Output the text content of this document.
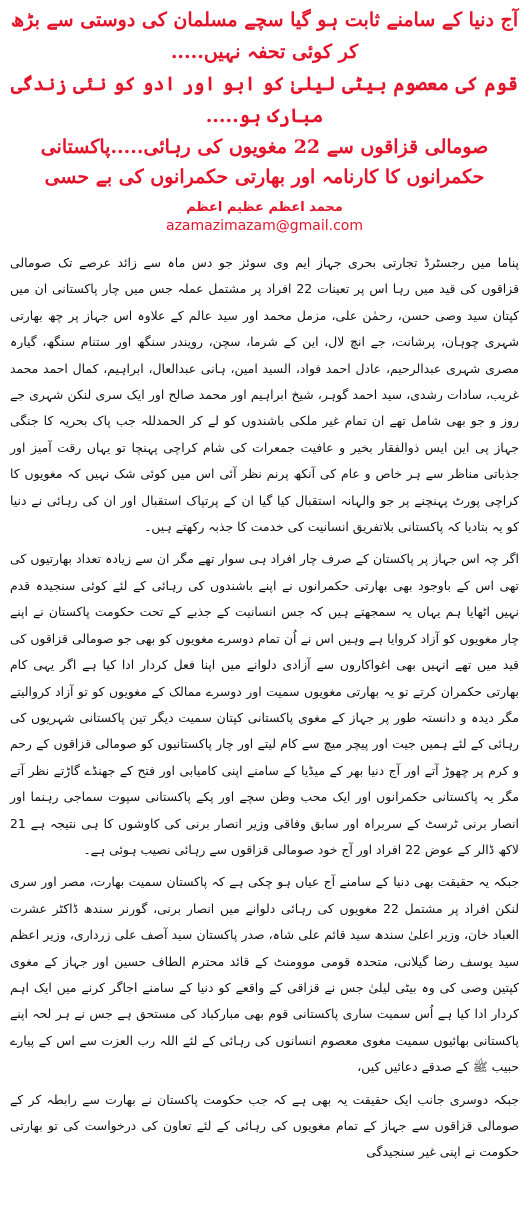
آج دنیا کے سامنے ثابت ہو گیا سچے مسلمان کی دوستی سے بڑھ کر کوئی تحفہ نہیں.....

قوم کی معصوم بیٹی لیلیٰ کو ابو اور ادو کو نئی زندگی مبارک ہو.....

صومالی قزاقوں سے 22 مغویوں کی رہائی.....پاکستانی حکمرانوں کا کارنامہ اور بھارتی حکمرانوں کی بے حسی

محمد اعظم عظیم اعظم
azamazimazam@gmail.com

پناما میں رجسٹرڈ تجارتی بحری جہاز ایم وی سوئز جو دس ماہ سے زائد عرصے تک صومالی قزاقوں کی قید میں رہا اس پر تعینات 22 افراد پر مشتمل عملہ جس میں چار پاکستانی ان میں کپتان سید وصی حسن، رحمٰن علی، مزمل محمد اور سید عالم کے علاوہ اس جہاز پر چھ بھارتی شہری چوہان، پرشانت، جے انچ لال، این کے شرما، سچن، رویندر سنگھ اور ستنام سنگھ، گیارہ مصری شہری عبدالرحیم، عادل احمد فواد، السید امین، ہانی عبدالعال، ابراہیم، کمال احمد محمد غریب، سادات رشدی، سید احمد گوہر، شیخ ابراہیم اور محمد صالح اور ایک سری لنکن شہری جے روز و جو بھی شامل تھے ان تمام غیر ملکی باشندوں کو لے کر الحمدللہ جب پاک بحریہ کا جنگی جہاز پی این ایس ذوالفقار بخیر و عافیت جمعرات کی شام کراچی پہنچا تو یہاں رقت آمیز اور جذباتی مناظر سے ہر خاص و عام کی آنکھ پرنم نظر آئی اس میں کوئی شک نہیں کہ مغویوں کا کراچی پورٹ پہنچنے پر جو والہانہ استقبال کیا گیا ان کے پرتپاک استقبال اور ان کی رہائی نے دنیا کو یہ بتادیا کہ پاکستانی بلاتفریق انسانیت کی خدمت کا جذبہ رکھتے ہیں۔

اگر چہ اس جہاز پر پاکستان کے صرف چار افراد ہی سوار تھے مگر ان سے زیادہ تعداد بھارتیوں کی تھی اس کے باوجود بھی بھارتی حکمرانوں نے اپنے باشندوں کی رہائی کے لئے کوئی سنجیدہ قدم نہیں اٹھایا ہم یہاں یہ سمجھتے ہیں کہ جس انسانیت کے جذبے کے تحت حکومت پاکستان نے اپنے چار مغویوں کو آزاد کروایا ہے وہیں اس نے اُن تمام دوسرے مغویوں کو بھی جو صومالی قزاقوں کی قید میں تھے انہیں بھی اغواکاروں سے آزادی دلوانے میں اپنا فعل کردار ادا کیا ہے اگر یہی کام بھارتی حکمران کرتے تو یہ بھارتی مغویوں سمیت اور دوسرے ممالک کے مغویوں کو تو آزاد کروالیتے مگر دیدہ و دانستہ طور پر جہاز کے مغوی پاکستانی کپتان سمیت دیگر تین پاکستانی شہریوں کی رہائی کے لئے ہمیں جیت اور پیچر میچ سے کام لیتے اور چار پاکستانیوں کو صومالی قزاقوں کے رحم و کرم پر چھوڑ آتے اور آج دنیا بھر کے میڈیا کے سامنے اپنی کامیابی اور فتح کے جھنڈے گاڑتے نظر آتے مگر یہ پاکستانی حکمرانوں اور ایک محب وطن سچے اور پکے پاکستانی سپوت سماجی رہنما اور انصار برنی ٹرسٹ کے سربراہ اور سابق وفاقی وزیر انصار برنی کی کاوشوں کا ہی نتیجہ ہے 21 لاکھ ڈالر کے عوض 22 افراد اور آج خود صومالی قزاقوں سے رہائی نصیب ہوئی ہے۔

جبکہ یہ حقیقت بھی دنیا کے سامنے آج عیاں ہو چکی ہے کہ پاکستان سمیت بھارت، مصر اور سری لنکن افراد پر مشتمل 22 مغویوں کی رہائی دلوانے میں انصار برنی، گورنر سندھ ڈاکٹر عشرت العباد خان، وزیر اعلیٰ سندھ سید قائم علی شاہ، صدر پاکستان سید آصف علی زرداری، وزیر اعظم سید یوسف رضا گیلانی، متحدہ قومی موومنٹ کے قائد محترم الطاف حسین اور جہاز کے مغوی کپتین وصی کی وہ بیٹی لیلیٰ جس نے قزاقی کے واقعے کو دنیا کے سامنے اجاگر کرنے میں ایک اہم کردار ادا کیا ہے اُس سمیت ساری پاکستانی قوم بھی مبارکباد کی مستحق ہے جس نے ہر لحہ اپنے پاکستانی بھائیوں سمیت مغوی معصوم انسانوں کی رہائی کے لئے اللہ رب العزت سے اس کے پیارے حبیب ﷺ کے صدقے دعائیں کیں،

جبکہ دوسری جانب ایک حقیقت یہ بھی ہے کہ جب حکومت پاکستان نے بھارت سے رابطہ کر کے صومالی قزاقوں سے جہاز کے تمام مغویوں کی رہائی کے لئے تعاون کی درخواست کی تو بھارتی حکومت نے اپنی غیر سنجیدگی
